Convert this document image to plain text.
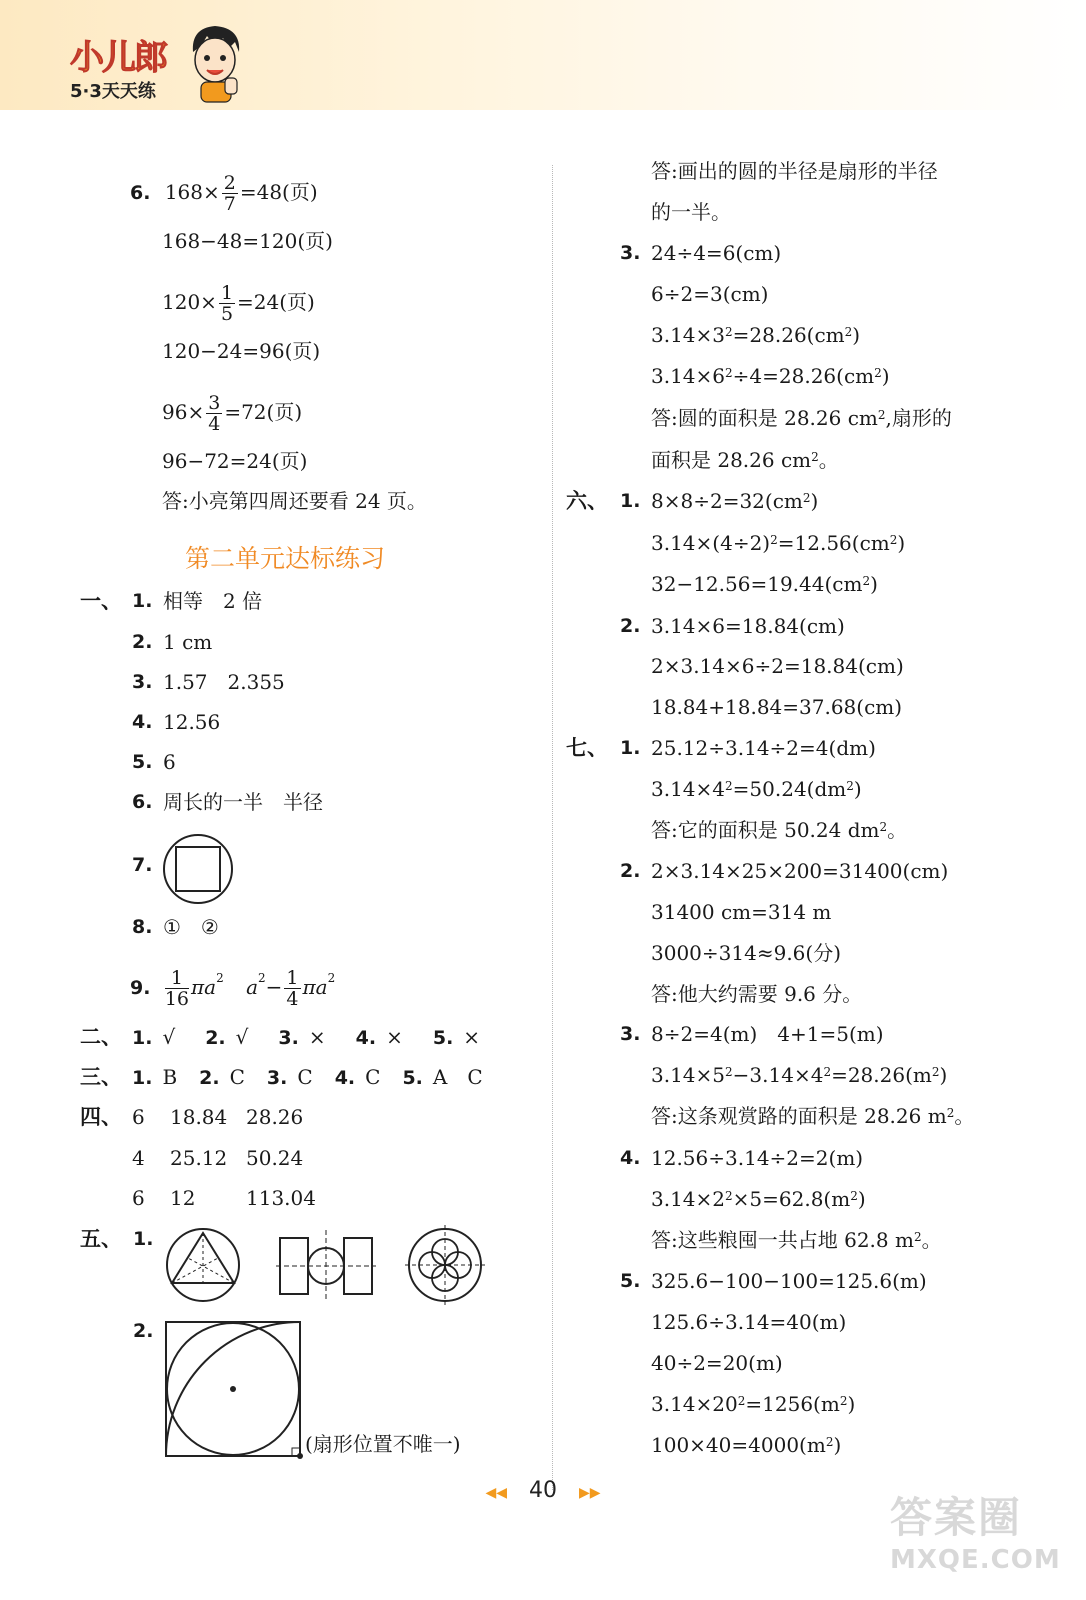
小儿郎
5·3天天练
6. $168\times \frac{2}{7} =48$(页)
168−48=120(页)
$120\times \frac{1}{5} =24$(页)
120−24=96(页)
$96\times \frac{3}{4} =72$(页)
96−72=24(页)
答:小亮第四周还要看 24 页。
第二单元达标练习
一、 1. 相等　2 倍
2. 1 cm
3. 1.57　2.355
4. 12.56
5. 6
6. 周长的一半　半径
7.
8. ①　②
9. $\frac{1}{16} \pi a^2$ $a^2- \frac{1}{4} \pi a^2$
二、 1. √ 2. √ 3. × 4. × 5. ×
三、 1. B 2. C 3. C 4. C 5. A　C
四、 6 18.84 28.26
4 25.12 50.24
6 12	113.04
五、 1.
2.
(扇形位置不唯一)
答:画出的圆的半径是扇形的半径
的一半。
3. 24÷4=6(cm)
6÷2=3(cm)
$3.14\times 3^2=28.26(cm^2)$
$3.14\times 6^2\div 4=28.26(cm^2)$
答:圆的面积是 28.26 $cm^2$,扇形的
面积是 28.26 $cm^2$。
六、 1. $8\times 8\div 2=32(cm^2)$
$3.14\times(4\div 2)^2=12.56(cm^2)$
$32-12.56=19.44(cm^2)$
2. 3.14×6=18.84(cm)
2×3.14×6÷2=18.84(cm)
18.84+18.84=37.68(cm)
七、 1. 25.12÷3.14÷2=4(dm)
$3.14\times 4^2=50.24(dm^2)$
答:它的面积是 50.24 $dm^2$。
2. 2×3.14×25×200=31400(cm)
31400 cm=314 m
3000÷314≈9.6(分)
答:他大约需要 9.6 分。
3. 8÷2=4(m)　4+1=5(m)
$3.14\times 5^2-3.14\times 4^2=28.26(m^2)$
答:这条观赏路的面积是 28.26 $m^2$。
4. 12.56÷3.14÷2=2(m)
$3.14\times 2^2\times 5=62.8(m^2)$
答:这些粮囤一共占地 62.8 $m^2$。
5. 325.6−100−100=125.6(m)
125.6÷3.14=40(m)
40÷2=20(m)
$3.14\times 20^2=1256(m^2)$
$100\times 40=4000(m^2)$
◀◀ 40 ▶▶	答案圈
MXQE.COM
